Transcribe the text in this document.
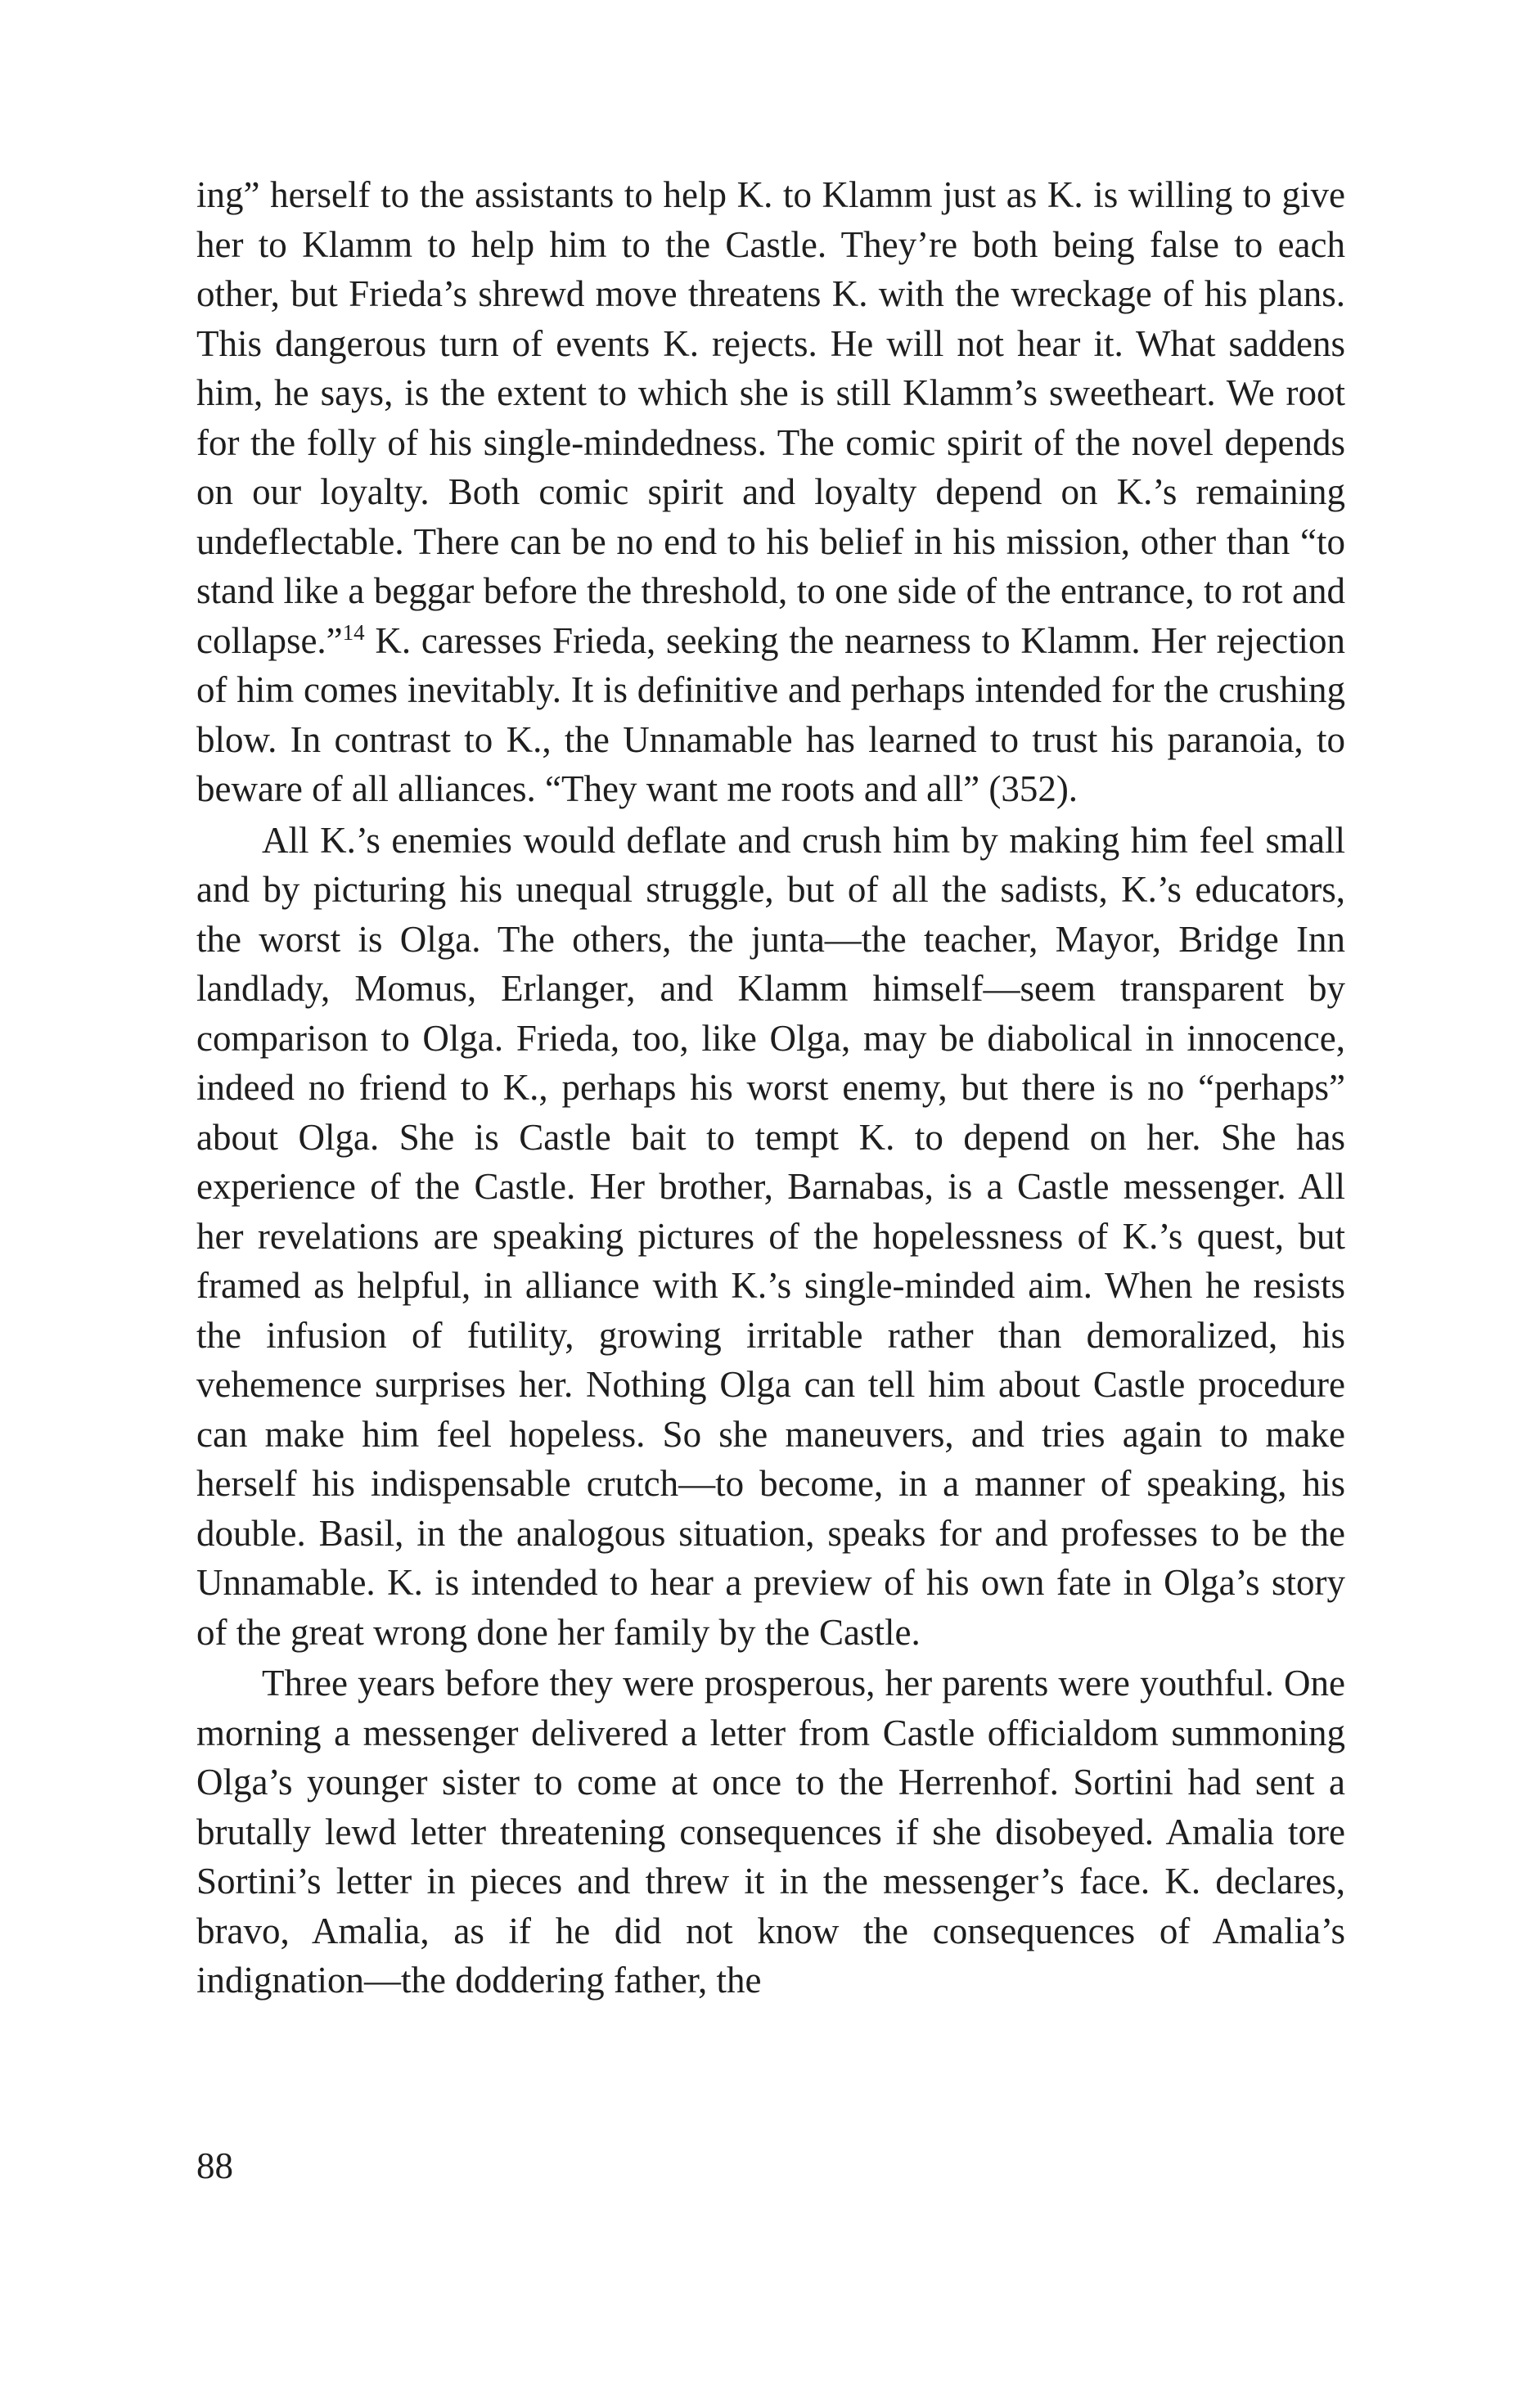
ing” herself to the assistants to help K. to Klamm just as K. is willing to give her to Klamm to help him to the Castle. They’re both being false to each other, but Frieda’s shrewd move threatens K. with the wreckage of his plans. This dangerous turn of events K. rejects. He will not hear it. What saddens him, he says, is the extent to which she is still Klamm’s sweetheart. We root for the folly of his single-mindedness. The comic spirit of the novel depends on our loyalty. Both comic spirit and loyalty depend on K.’s remaining undeflectable. There can be no end to his belief in his mission, other than “to stand like a beggar before the threshold, to one side of the entrance, to rot and collapse.”$^{14}$ K. caresses Frieda, seeking the nearness to Klamm. Her rejection of him comes inevitably. It is definitive and perhaps intended for the crushing blow. In contrast to K., the Unnamable has learned to trust his paranoia, to beware of all alliances. “They want me roots and all” (352).

All K.’s enemies would deflate and crush him by making him feel small and by picturing his unequal struggle, but of all the sadists, K.’s educators, the worst is Olga. The others, the junta—the teacher, Mayor, Bridge Inn landlady, Momus, Erlanger, and Klamm himself—seem transparent by comparison to Olga. Frieda, too, like Olga, may be diabolical in innocence, indeed no friend to K., perhaps his worst enemy, but there is no “perhaps” about Olga. She is Castle bait to tempt K. to depend on her. She has experience of the Castle. Her brother, Barnabas, is a Castle messenger. All her revelations are speaking pictures of the hopelessness of K.’s quest, but framed as helpful, in alliance with K.’s single-minded aim. When he resists the infusion of futility, growing irritable rather than demoralized, his vehemence surprises her. Nothing Olga can tell him about Castle procedure can make him feel hopeless. So she maneuvers, and tries again to make herself his indispensable crutch—to become, in a manner of speaking, his double. Basil, in the analogous situation, speaks for and professes to be the Unnamable. K. is intended to hear a preview of his own fate in Olga’s story of the great wrong done her family by the Castle.

Three years before they were prosperous, her parents were youthful. One morning a messenger delivered a letter from Castle officialdom summoning Olga’s younger sister to come at once to the Herrenhof. Sortini had sent a brutally lewd letter threatening consequences if she disobeyed. Amalia tore Sortini’s letter in pieces and threw it in the messenger’s face. K. declares, bravo, Amalia, as if he did not know the consequences of Amalia’s indignation—the doddering father, the

88
